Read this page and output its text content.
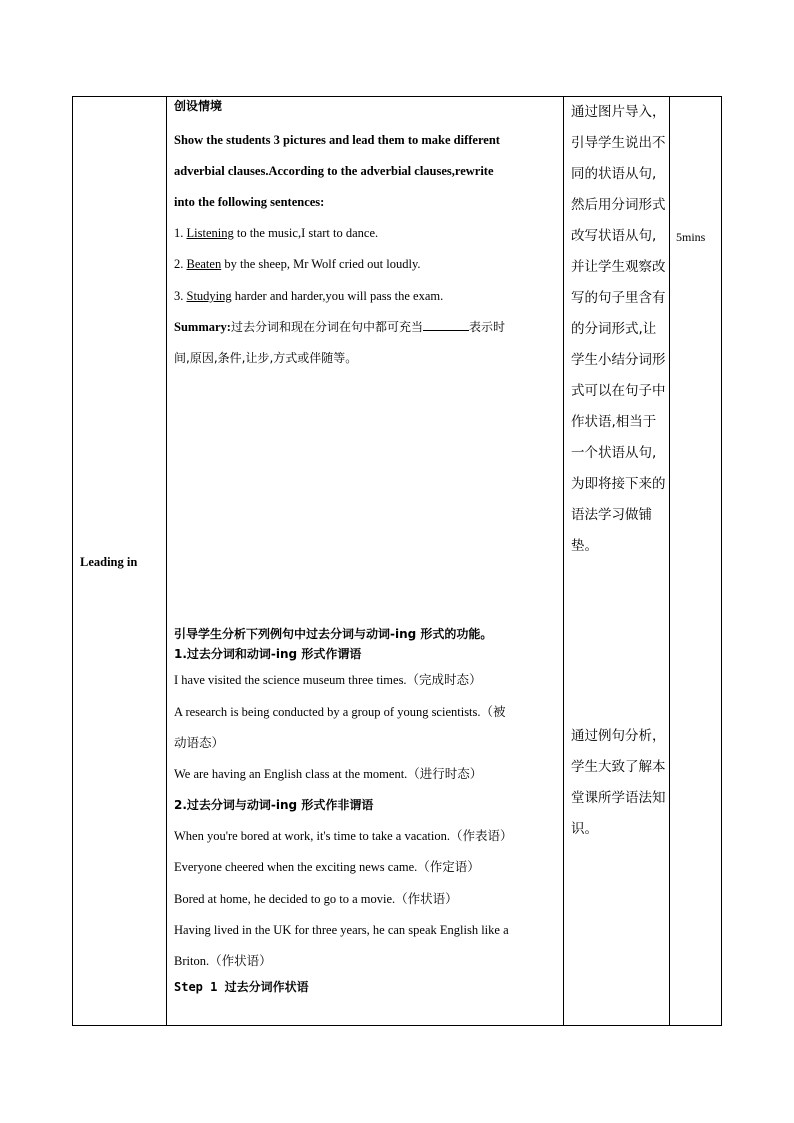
Leading in
5mins
创设情境
Show the students 3 pictures and lead them to make different
adverbial clauses.According to the adverbial clauses,rewrite
into the following sentences:
1. Listening to the music,I start to dance.
2. Beaten by the sheep, Mr Wolf cried out loudly.
3. Studying harder and harder,you will pass the exam.
Summary:过去分词和现在分词在句中都可充当	表示时
间,原因,条件,让步,方式或伴随等。
引导学生分析下列例句中过去分词与动词-ing 形式的功能。
1.过去分词和动词-ing 形式作谓语
I have visited the science museum three times.（完成时态）
A research is being conducted by a group of young scientists.（被
动语态）
We are having an English class at the moment.（进行时态）
2.过去分词与动词-ing 形式作非谓语
When you're bored at work, it's time to take a vacation.（作表语）
Everyone cheered when the exciting news came.（作定语）
Bored at home, he decided to go to a movie.（作状语）
Having lived in the UK for three years, he can speak English like a
Briton.（作状语）
Step 1 过去分词作状语
通过图片导入，引导学生说出不同的状语从句,然后用分词形式改写状语从句,并让学生观察改写的句子里含有的分词形式,让学生小结分词形式可以在句子中作状语,相当于一个状语从句,为即将接下来的语法学习做铺垫。
通过例句分析，学生大致了解本堂课所学语法知识。
